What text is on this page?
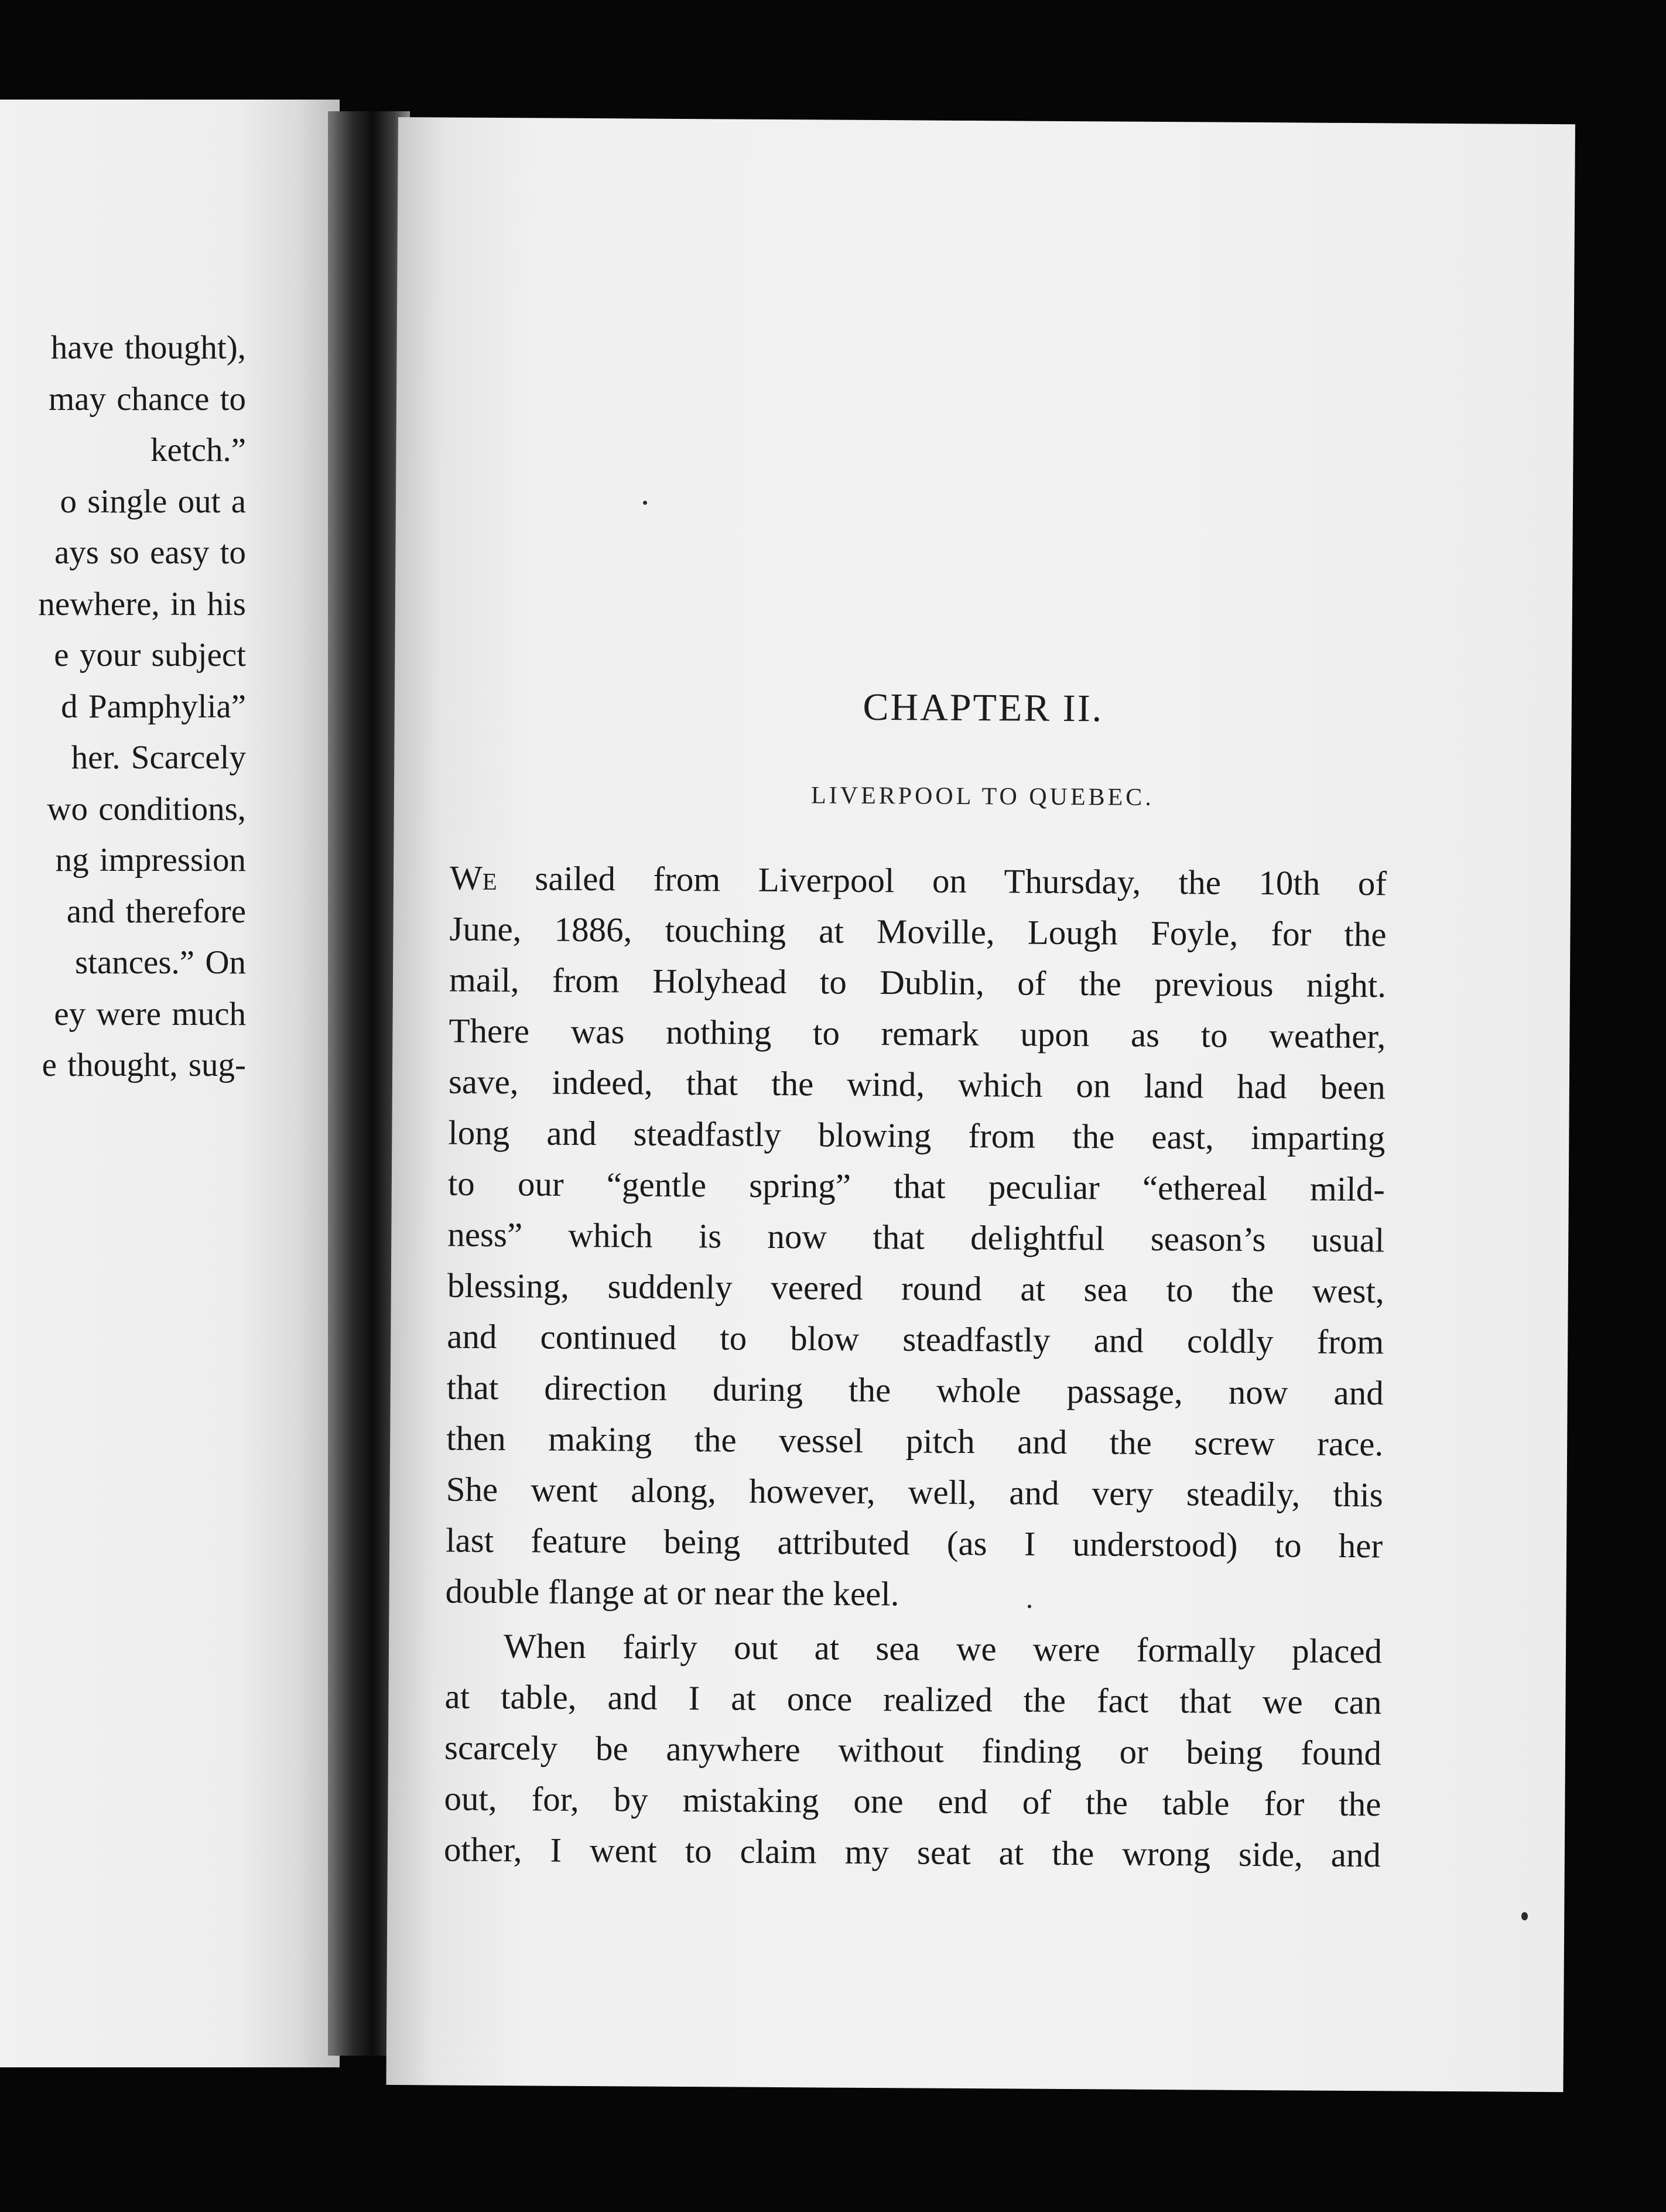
have thought),
may chance to
ketch.”
o single out a
ays so easy to
newhere, in his
e your subject
d Pamphylia”
her. Scarcely
wo conditions,
ng impression
and therefore
stances.” On
ey were much
e thought, sug-
CHAPTER II.
LIVERPOOL TO QUEBEC.
We sailed from Liverpool on Thursday, the 10th of
June, 1886, touching at Moville, Lough Foyle, for the
mail, from Holyhead to Dublin, of the previous night.
There was nothing to remark upon as to weather,
save, indeed, that the wind, which on land had been
long and steadfastly blowing from the east, imparting
to our “gentle spring” that peculiar “ethereal mild-
ness” which is now that delightful season’s usual
blessing, suddenly veered round at sea to the west,
and continued to blow steadfastly and coldly from
that direction during the whole passage, now and
then making the vessel pitch and the screw race.
She went along, however, well, and very steadily, this
last feature being attributed (as I understood) to her
double flange at or near the keel.
When fairly out at sea we were formally placed
at table, and I at once realized the fact that we can
scarcely be anywhere without finding or being found
out, for, by mistaking one end of the table for the
other, I went to claim my seat at the wrong side, and
